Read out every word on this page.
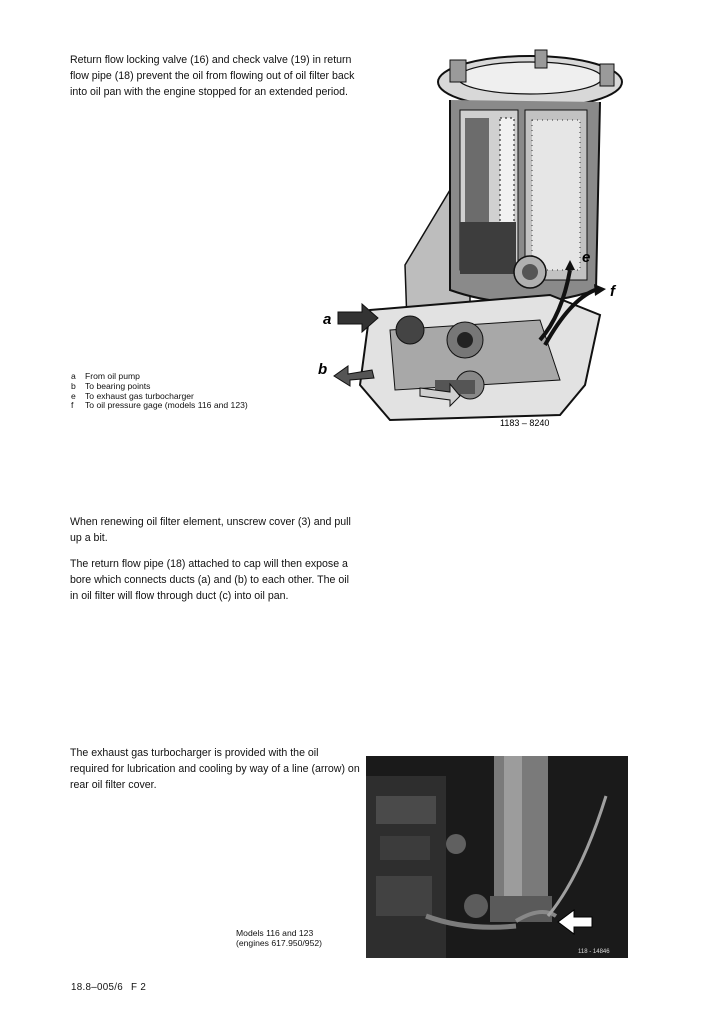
Return flow locking valve (16) and check valve (19) in return flow pipe (18) prevent the oil from flowing out of oil filter back into oil pan with the engine stopped for an extended period.

a	From oil pump
b	To bearing points
e	To exhaust gas turbocharger
f	To oil pressure gage (models 116 and 123)
a
b
e
f
1183 – 8240

When renewing oil filter element, unscrew cover (3) and pull up a bit.

The return flow pipe (18) attached to cap will then expose a bore which connects ducts (a) and (b) to each other. The oil in oil filter will flow through duct (c) into oil pan.

The exhaust gas turbocharger is provided with the oil required for lubrication and cooling by way of a line (arrow) on rear oil filter cover.

118 - 14846
Models 116 and 123
(engines 617.950/952)
18.8–005/6 F 2
